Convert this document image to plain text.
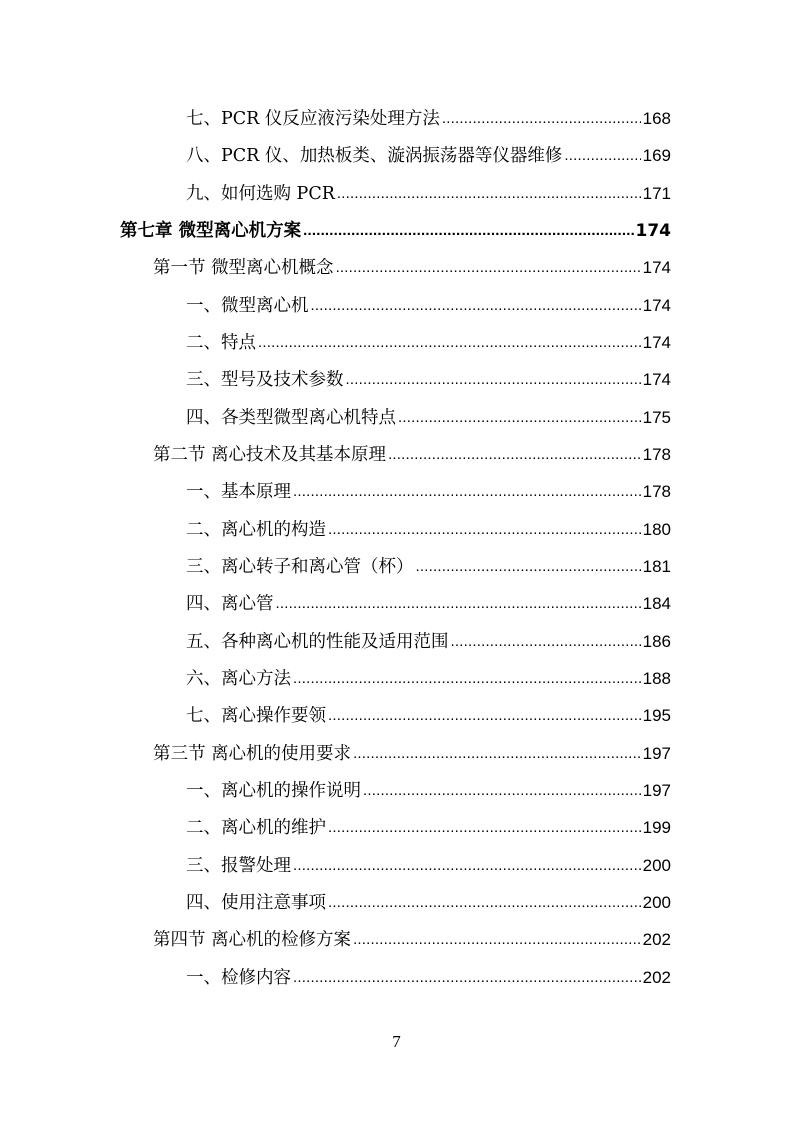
七、PCR 仪反应液污染处理方法 .....	168
八、PCR 仪、加热板类、漩涡振荡器等仪器维修 .....	169
九、如何选购 PCR .....	171
第七章 微型离心机方案 .....	174
第一节 微型离心机概念 .....	174
一、微型离心机 .....	174
二、特点 .....	174
三、型号及技术参数 .....	174
四、各类型微型离心机特点 .....	175
第二节 离心技术及其基本原理 .....	178
一、基本原理 .....	178
二、离心机的构造 .....	180
三、离心转子和离心管（杯） .....	181
四、离心管 .....	184
五、各种离心机的性能及适用范围 .....	186
六、离心方法 .....	188
七、离心操作要领 .....	195
第三节 离心机的使用要求 .....	197
一、离心机的操作说明 .....	197
二、离心机的维护 .....	199
三、报警处理 .....	200
四、使用注意事项 .....	200
第四节 离心机的检修方案 .....	202
一、检修内容 .....	202
7
